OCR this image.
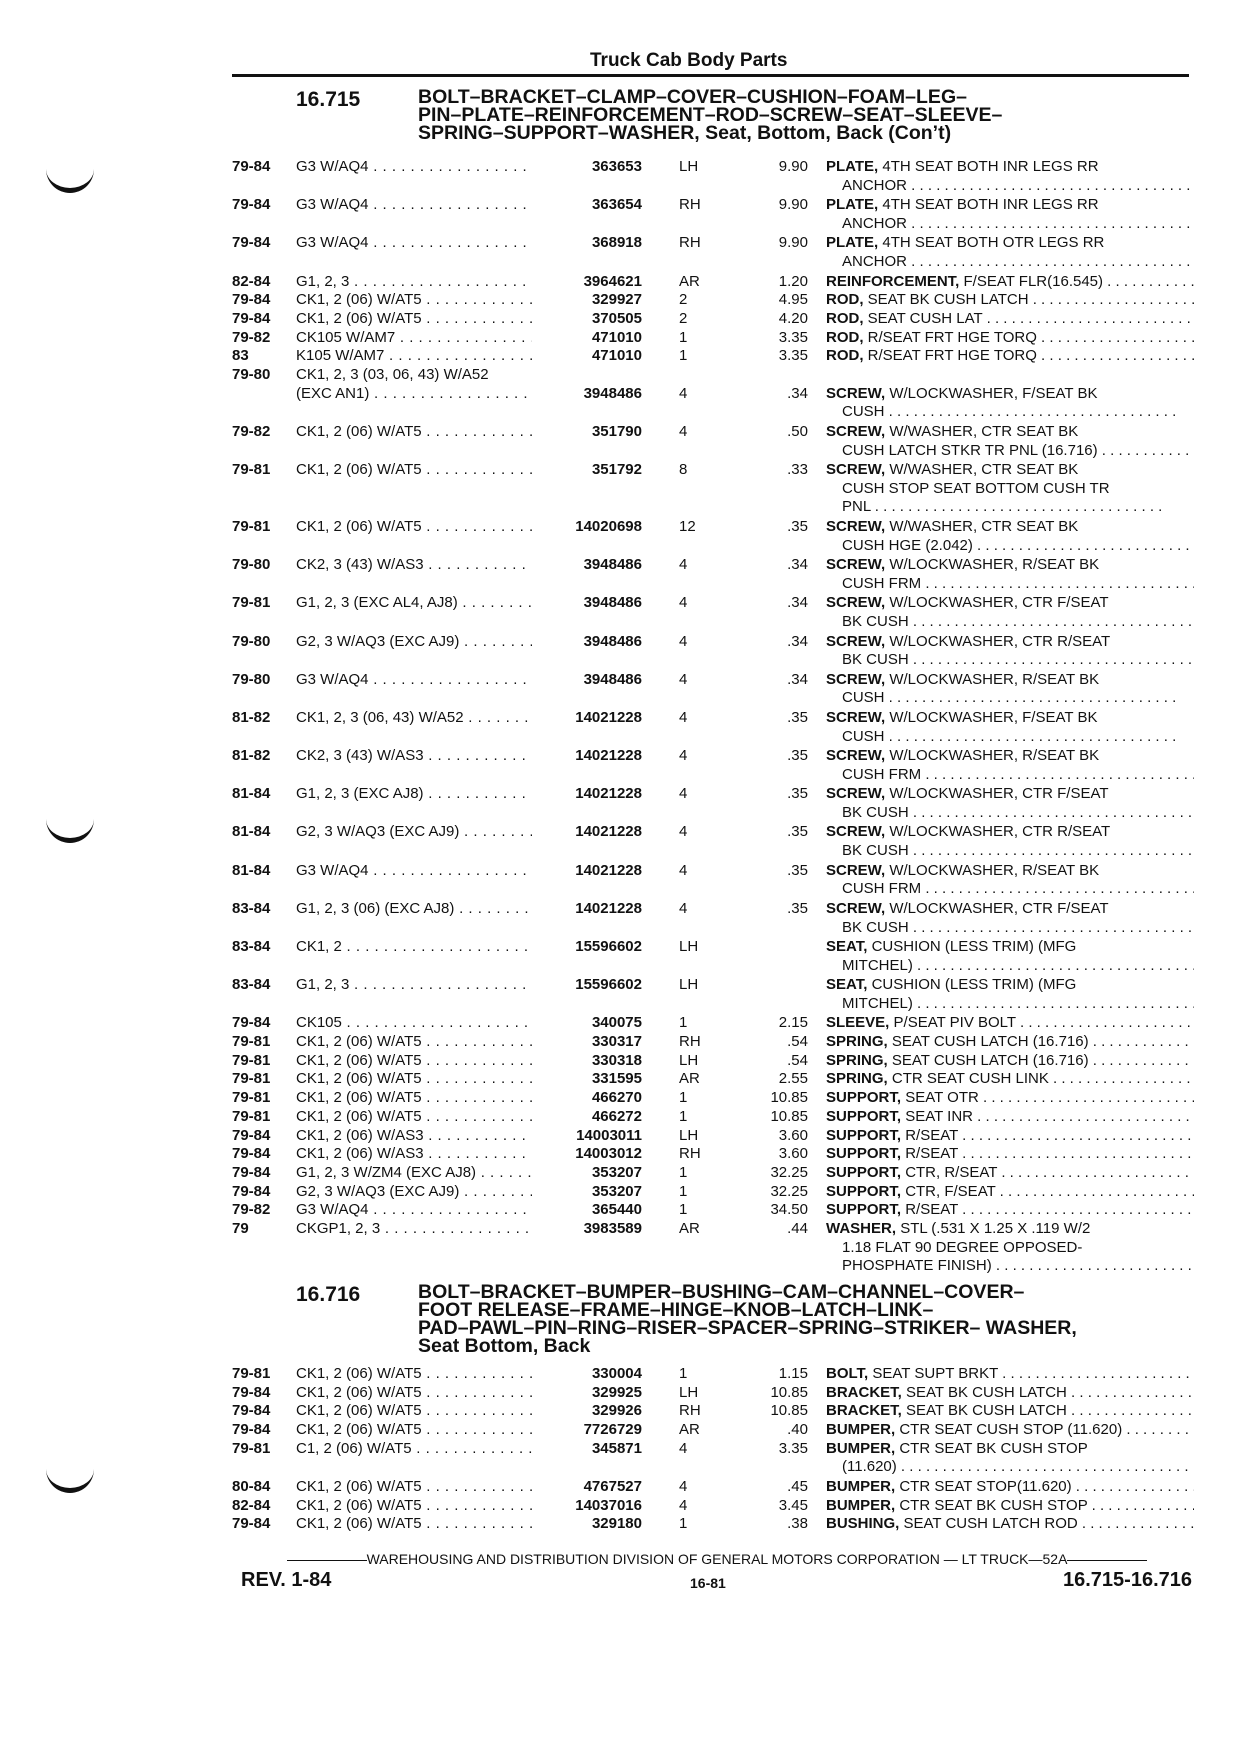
Truck Cab Body Parts
16.715	BOLT–BRACKET–CLAMP–COVER–CUSHION–FOAM–LEG–
PIN–PLATE–REINFORCEMENT–ROD–SCREW–SEAT–SLEEVE–
SPRING–SUPPORT–WASHER, Seat, Bottom, Back (Con’t)
79-84 G3 W/AQ4 . . .	363653 LH	9.90 PLATE, 4TH SEAT BOTH INR LEGS RR
ANCHOR . . .
79-84 G3 W/AQ4 . . .	363654 RH	9.90 PLATE, 4TH SEAT BOTH INR LEGS RR
ANCHOR . . .
79-84 G3 W/AQ4 . . .	368918 RH	9.90 PLATE, 4TH SEAT BOTH OTR LEGS RR
ANCHOR . . .
82-84 G1, 2, 3 . . .	3964621 AR	1.20 REINFORCEMENT, F/SEAT FLR(16.545) . . .
79-84 CK1, 2 (06) W/AT5 . . .	329927 2	4.95 ROD, SEAT BK CUSH LATCH . . .
79-84 CK1, 2 (06) W/AT5 . . .	370505 2	4.20 ROD, SEAT CUSH LAT . . .
79-82 CK105 W/AM7 . . .	471010 1	3.35 ROD, R/SEAT FRT HGE TORQ . . .
83	K105 W/AM7 . . .	471010 1	3.35 ROD, R/SEAT FRT HGE TORQ . . .
79-80 CK1, 2, 3 (03, 06, 43) W/A52
(EXC AN1) . . .	3948486 4	.34 SCREW, W/LOCKWASHER, F/SEAT BK
CUSH . . .
79-82 CK1, 2 (06) W/AT5 . . .	351790 4	.50 SCREW, W/WASHER, CTR SEAT BK
CUSH LATCH STKR TR PNL (16.716) . . .
79-81 CK1, 2 (06) W/AT5 . . .	351792 8	.33 SCREW, W/WASHER, CTR SEAT BK
CUSH STOP SEAT BOTTOM CUSH TR
PNL . . .
79-81 CK1, 2 (06) W/AT5 . . .	14020698 12	.35 SCREW, W/WASHER, CTR SEAT BK
CUSH HGE (2.042) . . .
79-80 CK2, 3 (43) W/AS3 . . .	3948486 4	.34 SCREW, W/LOCKWASHER, R/SEAT BK
CUSH FRM . . .
79-81 G1, 2, 3 (EXC AL4, AJ8) . . .	3948486 4	.34 SCREW, W/LOCKWASHER, CTR F/SEAT
BK CUSH . . .
79-80 G2, 3 W/AQ3 (EXC AJ9) . . .	3948486 4	.34 SCREW, W/LOCKWASHER, CTR R/SEAT
BK CUSH . . .
79-80 G3 W/AQ4 . . .	3948486 4	.34 SCREW, W/LOCKWASHER, R/SEAT BK
CUSH . . .
81-82 CK1, 2, 3 (06, 43) W/A52 . . .	14021228 4	.35 SCREW, W/LOCKWASHER, F/SEAT BK
CUSH . . .
81-82 CK2, 3 (43) W/AS3 . . .	14021228 4	.35 SCREW, W/LOCKWASHER, R/SEAT BK
CUSH FRM . . .
81-84 G1, 2, 3 (EXC AJ8) . . .	14021228 4	.35 SCREW, W/LOCKWASHER, CTR F/SEAT
BK CUSH . . .
81-84 G2, 3 W/AQ3 (EXC AJ9) . . .	14021228 4	.35 SCREW, W/LOCKWASHER, CTR R/SEAT
BK CUSH . . .
81-84 G3 W/AQ4 . . .	14021228 4	.35 SCREW, W/LOCKWASHER, R/SEAT BK
CUSH FRM . . .
83-84 G1, 2, 3 (06) (EXC AJ8) . . .	14021228 4	.35 SCREW, W/LOCKWASHER, CTR F/SEAT
BK CUSH . . .
83-84 CK1, 2 . . .	15596602 LH	SEAT, CUSHION (LESS TRIM) (MFG
MITCHEL) . . .
83-84 G1, 2, 3 . . .	15596602 LH	SEAT, CUSHION (LESS TRIM) (MFG
MITCHEL) . . .
79-84 CK105 . . .	340075 1	2.15 SLEEVE, P/SEAT PIV BOLT . . .
79-81 CK1, 2 (06) W/AT5 . . .	330317 RH	.54 SPRING, SEAT CUSH LATCH (16.716) . . .
79-81 CK1, 2 (06) W/AT5 . . .	330318 LH	.54 SPRING, SEAT CUSH LATCH (16.716) . . .
79-81 CK1, 2 (06) W/AT5 . . .	331595 AR	2.55 SPRING, CTR SEAT CUSH LINK . . .
79-81 CK1, 2 (06) W/AT5 . . .	466270 1	10.85 SUPPORT, SEAT OTR . . .
79-81 CK1, 2 (06) W/AT5 . . .	466272 1	10.85 SUPPORT, SEAT INR . . .
79-84 CK1, 2 (06) W/AS3 . . .	14003011 LH	3.60 SUPPORT, R/SEAT . . .
79-84 CK1, 2 (06) W/AS3 . . .	14003012 RH	3.60 SUPPORT, R/SEAT . . .
79-84 G1, 2, 3 W/ZM4 (EXC AJ8) . . .	353207 1	32.25 SUPPORT, CTR, R/SEAT . . .
79-84 G2, 3 W/AQ3 (EXC AJ9) . . .	353207 1	32.25 SUPPORT, CTR, F/SEAT . . .
79-82 G3 W/AQ4 . . .	365440 1	34.50 SUPPORT, R/SEAT . . .
79	CKGP1, 2, 3 . . .	3983589 AR	.44 WASHER, STL (.531 X 1.25 X .119 W/2
1.18 FLAT 90 DEGREE OPPOSED-
PHOSPHATE FINISH) . . .
16.716	BOLT–BRACKET–BUMPER–BUSHING–CAM–CHANNEL–COVER–
FOOT RELEASE–FRAME–HINGE–KNOB–LATCH–LINK–
PAD–PAWL–PIN–RING–RISER–SPACER–SPRING–STRIKER– WASHER,
Seat Bottom, Back
79-81 CK1, 2 (06) W/AT5 . . .	330004 1	1.15 BOLT, SEAT SUPT BRKT . . .
79-84 CK1, 2 (06) W/AT5 . . .	329925 LH	10.85 BRACKET, SEAT BK CUSH LATCH . . .
79-84 CK1, 2 (06) W/AT5 . . .	329926 RH	10.85 BRACKET, SEAT BK CUSH LATCH . . .
79-84 CK1, 2 (06) W/AT5 . . .	7726729 AR	.40 BUMPER, CTR SEAT CUSH STOP (11.620) . . .
79-81 C1, 2 (06) W/AT5 . . .	345871 4	3.35 BUMPER, CTR SEAT BK CUSH STOP
(11.620) . . .
80-84 CK1, 2 (06) W/AT5 . . .	4767527 4	.45 BUMPER, CTR SEAT STOP(11.620) . . .
82-84 CK1, 2 (06) W/AT5 . . .	14037016 4	3.45 BUMPER, CTR SEAT BK CUSH STOP . . .
79-84 CK1, 2 (06) W/AT5 . . .	329180 1	.38 BUSHING, SEAT CUSH LATCH ROD . . .
WAREHOUSING AND DISTRIBUTION DIVISION OF GENERAL MOTORS CORPORATION — LT TRUCK—52A
REV. 1-84	16-81	16.715-16.716
